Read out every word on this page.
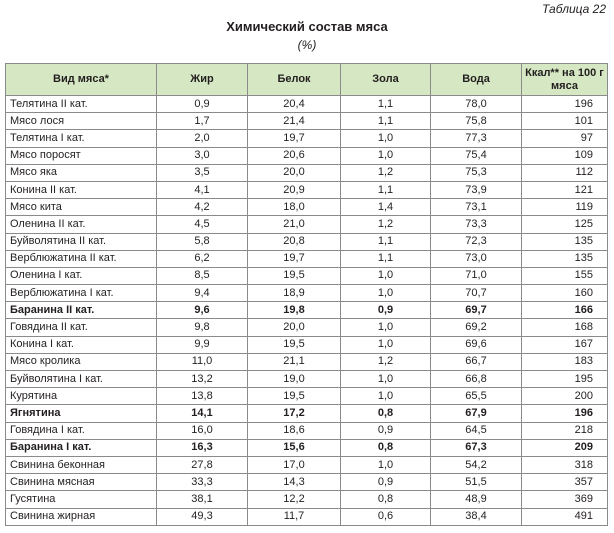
Таблица 22
Химический состав мяса
(%)
Вид мяса*	Жир	Белок	Зола	Вода	Ккал** на 100 г мяса
Телятина II кат.	0,9	20,4	1,1	78,0	196
Мясо лося	1,7	21,4	1,1	75,8	101
Телятина I кат.	2,0	19,7	1,0	77,3	97
Мясо поросят	3,0	20,6	1,0	75,4	109
Мясо яка	3,5	20,0	1,2	75,3	112
Конина II кат.	4,1	20,9	1,1	73,9	121
Мясо кита	4,2	18,0	1,4	73,1	119
Оленина II кат.	4,5	21,0	1,2	73,3	125
Буйволятина II кат.	5,8	20,8	1,1	72,3	135
Верблюжатина II кат.	6,2	19,7	1,1	73,0	135
Оленина I кат.	8,5	19,5	1,0	71,0	155
Верблюжатина I кат.	9,4	18,9	1,0	70,7	160
Баранина II кат.	9,6	19,8	0,9	69,7	166
Говядина II кат.	9,8	20,0	1,0	69,2	168
Конина I кат.	9,9	19,5	1,0	69,6	167
Мясо кролика	11,0	21,1	1,2	66,7	183
Буйволятина I кат.	13,2	19,0	1,0	66,8	195
Курятина	13,8	19,5	1,0	65,5	200
Ягнятина	14,1	17,2	0,8	67,9	196
Говядина I кат.	16,0	18,6	0,9	64,5	218
Баранина I кат.	16,3	15,6	0,8	67,3	209
Свинина беконная	27,8	17,0	1,0	54,2	318
Свинина мясная	33,3	14,3	0,9	51,5	357
Гусятина	38,1	12,2	0,8	48,9	369
Свинина жирная	49,3	11,7	0,6	38,4	491
